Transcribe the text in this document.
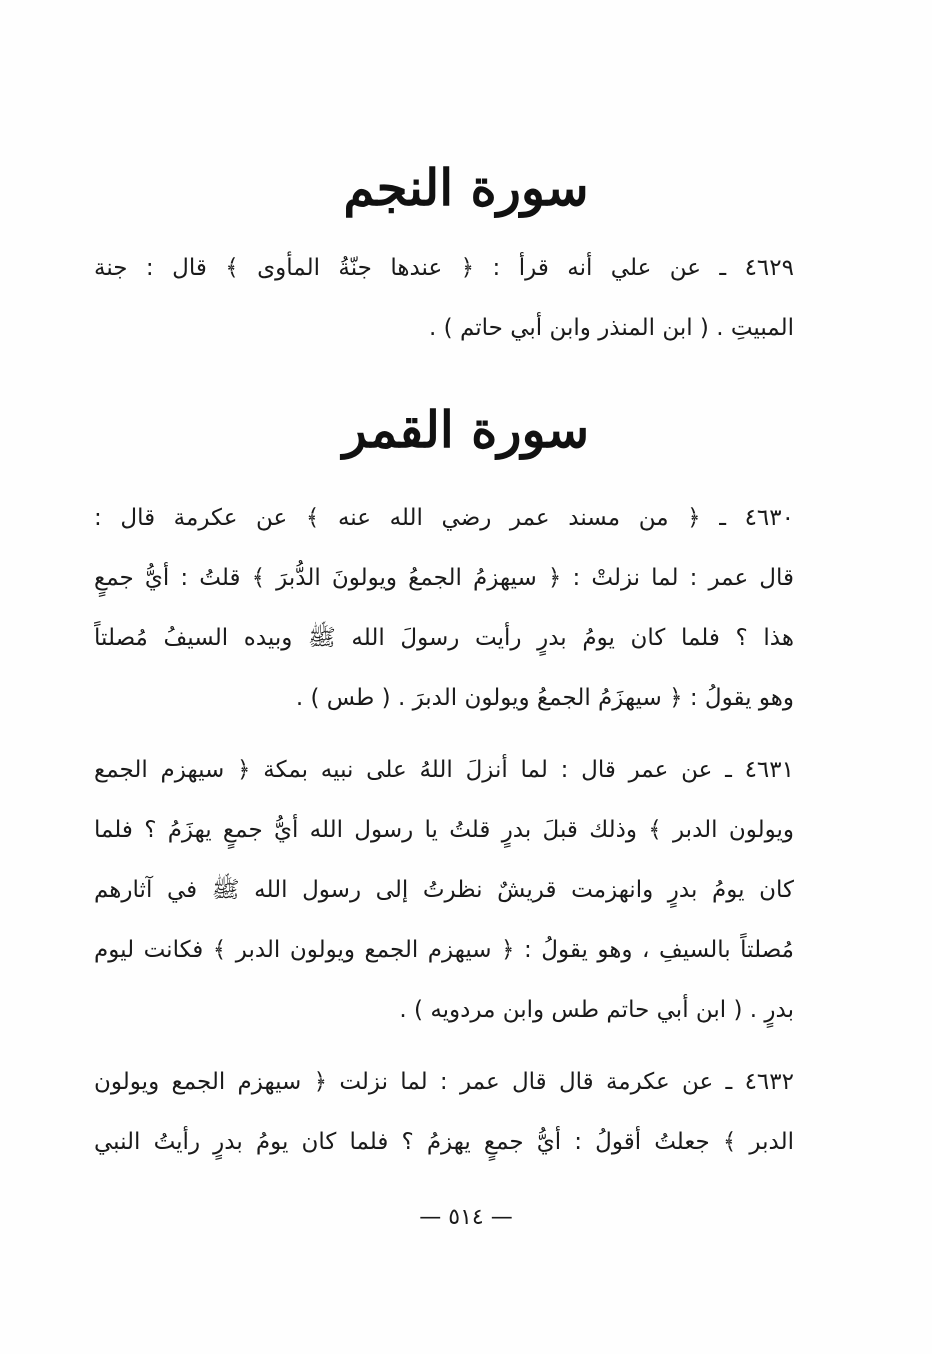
سورة النجم
٤٦٢٩ ـ عن علي أنه قرأ : ﴿ عندها جنّةُ المأوى ﴾ قال : جنة
المبيتِ . ( ابن المنذر وابن أبي حاتم ) .
سورة القمر
٤٦٣٠ ـ ﴿ من مسند عمر رضي الله عنه ﴾ عن عكرمة قال :
قال عمر : لما نزلتْ : ﴿ سيهزمُ الجمعُ ويولونَ الدُّبرَ ﴾ قلتُ : أيُّ جمعٍ
هذا ؟ فلما كان يومُ بدرٍ رأيت رسولَ الله ﷺ وبيده السيفُ مُصلتاً
وهو يقولُ : ﴿ سيهزَمُ الجمعُ ويولون الدبرَ . ( طس ) .
٤٦٣١ ـ عن عمر قال : لما أنزلَ اللهُ على نبيه بمكة ﴿ سيهزم الجمع
ويولون الدبر ﴾ وذلك قبلَ بدرٍ قلتُ يا رسول الله أيُّ جمعٍ يهزَمُ ؟ فلما
كان يومُ بدرٍ وانهزمت قريشٌ نظرتُ إلى رسول الله ﷺ في آثارهم
مُصلتاً بالسيفِ ، وهو يقولُ : ﴿ سيهزم الجمع ويولون الدبر ﴾ فكانت ليوم
بدرٍ . ( ابن أبي حاتم طس وابن مردويه ) .
٤٦٣٢ ـ عن عكرمة قال قال عمر : لما نزلت ﴿ سيهزم الجمع ويولون
الدبر ﴾ جعلتُ أقولُ : أيُّ جمعٍ يهزمُ ؟ فلما كان يومُ بدرٍ رأيتُ النبي
— ٥١٤ —
